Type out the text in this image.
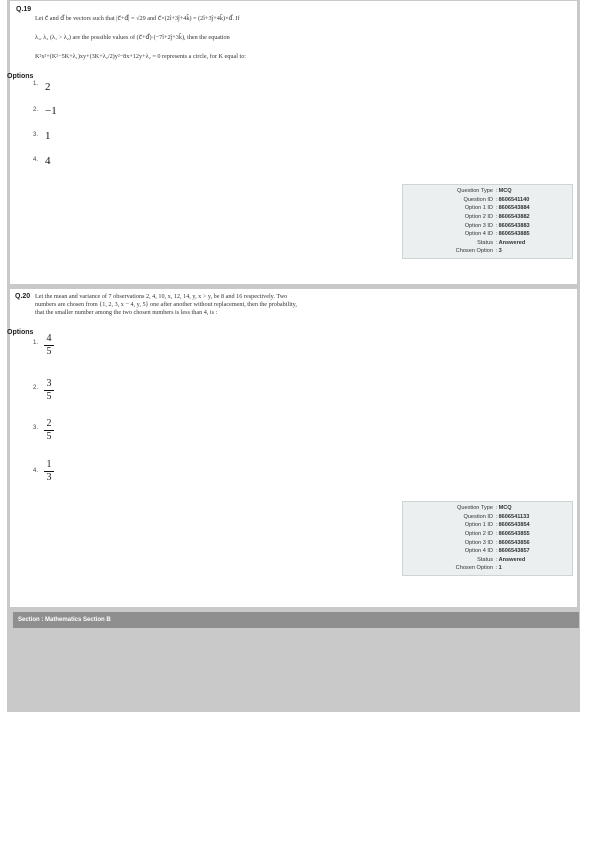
Q.19
Let c⃗ and d⃗ be vectors such that |c⃗+d⃗| = √29 and c⃗×(2î+3ĵ+4k̂) = (2î+3ĵ+4k̂)×d⃗. If
λ₁, λ₂ (λ₁ > λ₂) are the possible values of (c⃗+d⃗)·(−7î+2ĵ+3k̂), then the equation
K²x²+(K²−5K+λ₁)xy+(3K+λ₂/2)y²−8x+12y+λ₂ = 0 represents a circle, for K equal to:
Options
1. 2
2. −1
3. 1
4. 4
Question Type : MCQ
Question ID : 8606541140
Option 1 ID : 8606543884
Option 2 ID : 8606543882
Option 3 ID : 8606543883
Option 4 ID : 8606543885
Status : Answered
Chosen Option : 3
Q.20 Let the mean and variance of 7 observations 2, 4, 10, x, 12, 14, y, x > y, be 8 and 16 respectively. Two
numbers are chosen from {1, 2, 3, x − 4, y, 5} one after another without replacement, then the probability,
that the smaller number among the two chosen numbers is less than 4, is :
Options
1. 4
5
2. 3
5
3. 2
5
4.
1
3
Question Type : MCQ
Question ID : 8606541133
Option 1 ID : 8606543854
Option 2 ID : 8606543855
Option 3 ID : 8606543856
Option 4 ID : 8606543857
Status : Answered
Chosen Option : 1
Section : Mathematics Section B
